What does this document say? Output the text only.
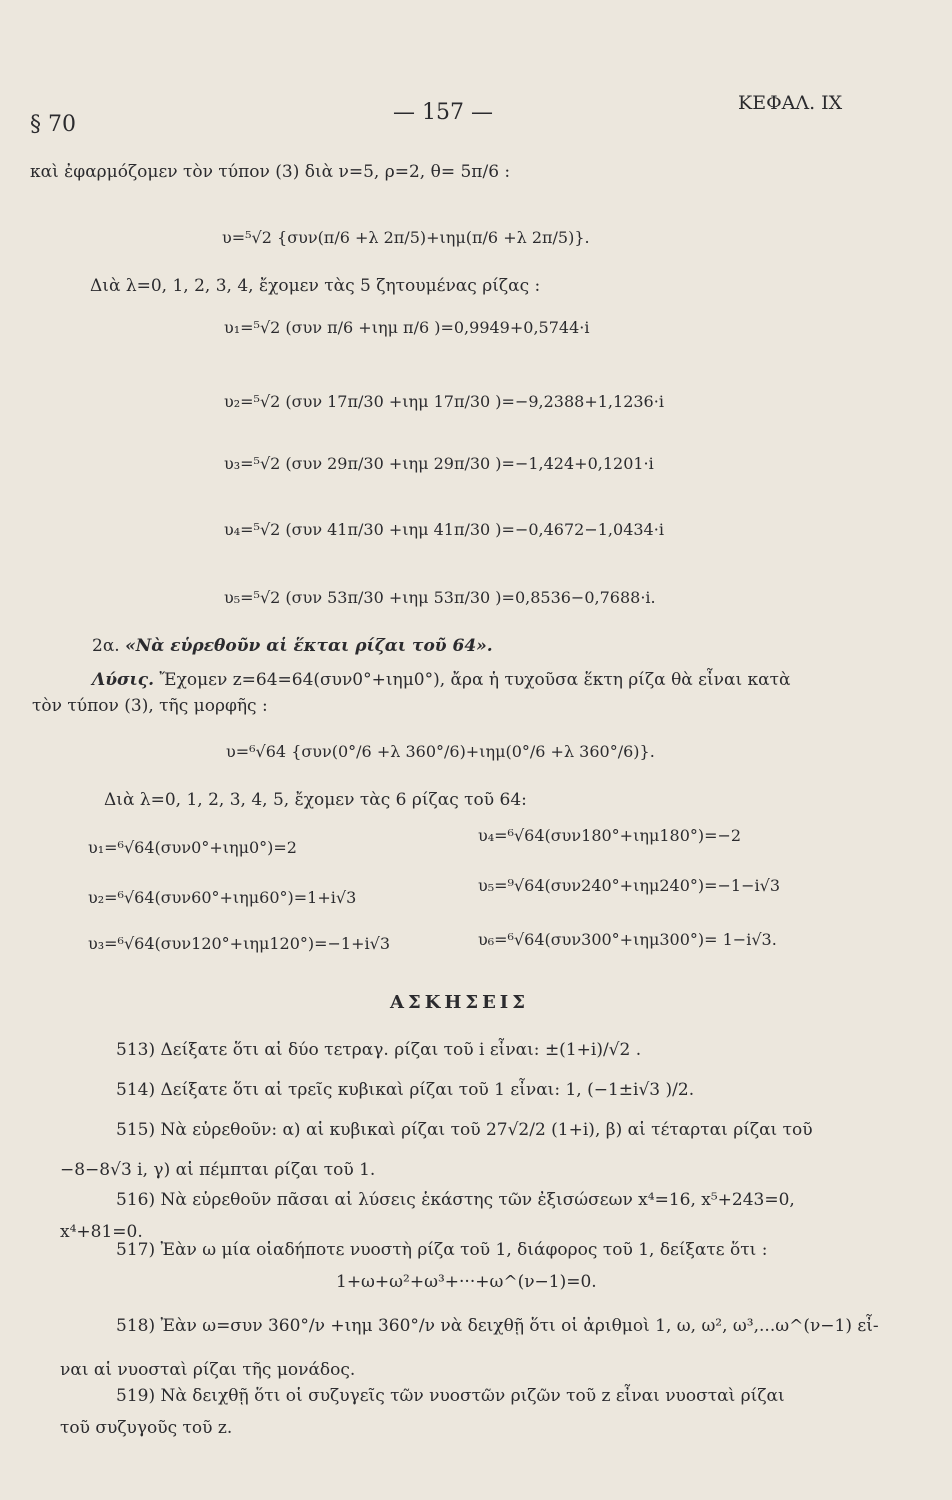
§ 70	— 157 —	ΚΕΦΑΛ. ΙΧ
καὶ ἐφαρμόζομεν τὸν τύπον (3) διὰ ν=5, ρ=2, θ= 5π/6 :
υ=⁵√2 {συν(π/6 +λ 2π/5)+ιημ(π/6 +λ 2π/5)}.
Διὰ λ=0, 1, 2, 3, 4, ἔχομεν τὰς 5 ζητουμένας ρίζας :
υ₁=⁵√2 (συν π/6 +ιημ π/6 )=0,9949+0,5744·i
υ₂=⁵√2 (συν 17π/30 +ιημ 17π/30 )=−9,2388+1,1236·i
υ₃=⁵√2 (συν 29π/30 +ιημ 29π/30 )=−1,424+0,1201·i
υ₄=⁵√2 (συν 41π/30 +ιημ 41π/30 )=−0,4672−1,0434·i
υ₅=⁵√2 (συν 53π/30 +ιημ 53π/30 )=0,8536−0,7688·i.
2α. «Νὰ εὑρεθοῦν αἱ ἕκται ρίζαι τοῦ 64».
Λύσις. Ἔχομεν z=64=64(συν0°+ιημ0°), ἄρα ἡ τυχοῦσα ἕκτη ρίζα θὰ εἶναι κατὰ
τὸν τύπον (3), τῆς μορφῆς :
υ=⁶√64 {συν(0°/6 +λ 360°/6)+ιημ(0°/6 +λ 360°/6)}.
Διὰ λ=0, 1, 2, 3, 4, 5, ἔχομεν τὰς 6 ρίζας τοῦ 64:
υ₁=⁶√64(συν0°+ιημ0°)=2
υ₂=⁶√64(συν60°+ιημ60°)=1+i√3
υ₃=⁶√64(συν120°+ιημ120°)=−1+i√3
υ₄=⁶√64(συν180°+ιημ180°)=−2
υ₅=⁹√64(συν240°+ιημ240°)=−1−i√3
υ₆=⁶√64(συν300°+ιημ300°)= 1−i√3.
ΑΣΚΗΣΕΙΣ
513) Δείξατε ὅτι αἱ δύο τετραγ. ρίζαι τοῦ i εἶναι: ±(1+i)/√2 .
514) Δείξατε ὅτι αἱ τρεῖς κυβικαὶ ρίζαι τοῦ 1 εἶναι: 1, (−1±i√3 )/2.
515) Νὰ εὑρεθοῦν: α) αἱ κυβικαὶ ρίζαι τοῦ 27√2/2 (1+i), β) αἱ τέταρται ρίζαι τοῦ
−8−8√3 i, γ) αἱ πέμπται ρίζαι τοῦ 1.
516) Νὰ εὑρεθοῦν πᾶσαι αἱ λύσεις ἑκάστης τῶν ἐξισώσεων x⁴=16, x⁵+243=0,
x⁴+81=0.
517) Ἐὰν ω μία οἱαδήποτε νυοστὴ ρίζα τοῦ 1, διάφορος τοῦ 1, δείξατε ὅτι :
1+ω+ω²+ω³+···+ω^(ν−1)=0.
518) Ἐὰν ω=συν 360°/ν +ιημ 360°/ν νὰ δειχθῇ ὅτι οἱ ἀριθμοὶ 1, ω, ω², ω³,...ω^(ν−1) εἶ-
ναι αἱ νυοσταὶ ρίζαι τῆς μονάδος.
519) Νὰ δειχθῇ ὅτι οἱ συζυγεῖς τῶν νυοστῶν ριζῶν τοῦ z εἶναι νυοσταὶ ρίζαι
τοῦ συζυγοῦς τοῦ z.
